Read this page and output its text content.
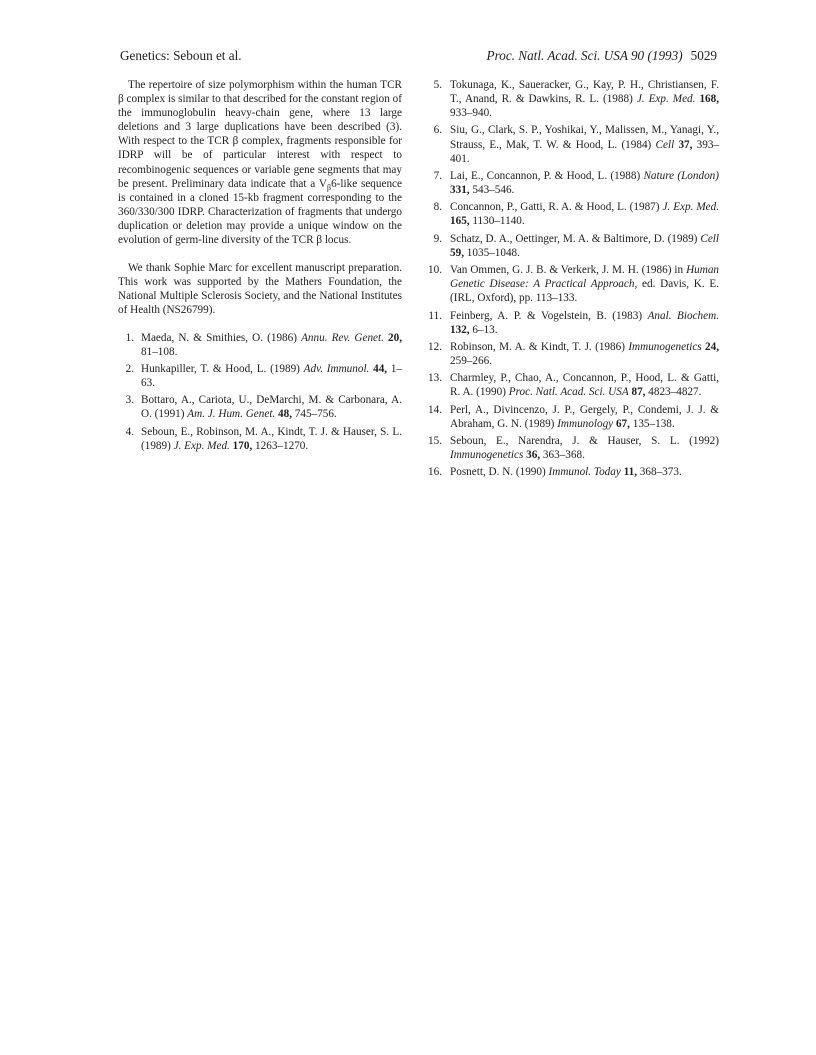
Genetics: Seboun et al.	Proc. Natl. Acad. Sci. USA 90 (1993) 5029

The repertoire of size polymorphism within the human TCR β complex is similar to that described for the constant region of the immunoglobulin heavy-chain gene, where 13 large deletions and 3 large duplications have been described (3). With respect to the TCR β complex, fragments responsible for IDRP will be of particular interest with respect to recombinogenic sequences or variable gene segments that may be present. Preliminary data indicate that a $V_\beta 6$-like sequence is contained in a cloned 15-kb fragment corresponding to the 360/330/300 IDRP. Characterization of fragments that undergo duplication or deletion may provide a unique window on the evolution of germ-line diversity of the TCR β locus.

We thank Sophie Marc for excellent manuscript preparation. This work was supported by the Mathers Foundation, the National Multiple Sclerosis Society, and the National Institutes of Health (NS26799).

1. Maeda, N. & Smithies, O. (1986) Annu. Rev. Genet. 20, 81–108.
2. Hunkapiller, T. & Hood, L. (1989) Adv. Immunol. 44, 1–63.
3. Bottaro, A., Cariota, U., DeMarchi, M. & Carbonara, A. O. (1991) Am. J. Hum. Genet. 48, 745–756.
4. Seboun, E., Robinson, M. A., Kindt, T. J. & Hauser, S. L. (1989) J. Exp. Med. 170, 1263–1270.
5. Tokunaga, K., Saueracker, G., Kay, P. H., Christiansen, F. T., Anand, R. & Dawkins, R. L. (1988) J. Exp. Med. 168, 933–940.
6. Siu, G., Clark, S. P., Yoshikai, Y., Malissen, M., Yanagi, Y., Strauss, E., Mak, T. W. & Hood, L. (1984) Cell 37, 393–401.
7. Lai, E., Concannon, P. & Hood, L. (1988) Nature (London) 331, 543–546.
8. Concannon, P., Gatti, R. A. & Hood, L. (1987) J. Exp. Med. 165, 1130–1140.
9. Schatz, D. A., Oettinger, M. A. & Baltimore, D. (1989) Cell 59, 1035–1048.
10. Van Ommen, G. J. B. & Verkerk, J. M. H. (1986) in Human Genetic Disease: A Practical Approach, ed. Davis, K. E. (IRL, Oxford), pp. 113–133.
11. Feinberg, A. P. & Vogelstein, B. (1983) Anal. Biochem. 132, 6–13.
12. Robinson, M. A. & Kindt, T. J. (1986) Immunogenetics 24, 259–266.
13. Charmley, P., Chao, A., Concannon, P., Hood, L. & Gatti, R. A. (1990) Proc. Natl. Acad. Sci. USA 87, 4823–4827.
14. Perl, A., Divincenzo, J. P., Gergely, P., Condemi, J. J. & Abraham, G. N. (1989) Immunology 67, 135–138.
15. Seboun, E., Narendra, J. & Hauser, S. L. (1992) Immunogenetics 36, 363–368.
16. Posnett, D. N. (1990) Immunol. Today 11, 368–373.
